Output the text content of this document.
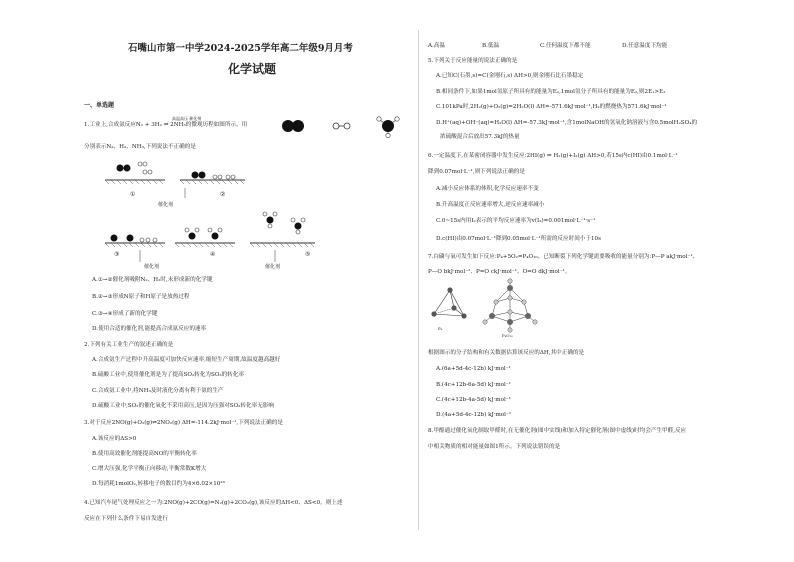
石嘴山市第一中学2024-2025学年高二年级9月月考
化学试题
一、单选题
1.工业上,合成氨反应N₂ + 3H₂ ⇌ 2NH₃的微观历程如图所示。用
高温高压 催化剂
分别表示N₂、H₂、NH₃,下列说法不正确的是
①	②
催化剂
③	④	⑤
催化剂	催化剂
A.①→②催化剂吸附N₂、H₂时,未形成新的化学键
B.②→③形成N原子和H原子是放热过程
C.③→④形成了新的化学键
D.使用合适的催化剂,能提高合成氨反应的速率
2.下列有关工业生产的叙述正确的是
A.合成氨生产过程中升高温度可加快反应速率,缩短生产周期,故温度越高越好
B.硫酸工业中,使用催化剂是为了提高SO₂转化为SO₃的转化率
C.合成氨工业中,将NH₃及时液化分离有利于氨的生产
D.硫酸工业中,SO₂的催化氧化不采用高压,是因为压强对SO₂转化率无影响
3.对于反应2NO(g)+O₂(g)⇌2NO₂(g) ΔH=-114.2kJ·mol⁻¹,下列说法正确的是
A.该反应的ΔS>0
B.使用高效催化剂能提高NO的平衡转化率
C.增大压强,化学平衡正向移动,平衡常数K增大
D.每消耗1molO₂,转移电子的数目约为4×6.02×10²³
4.已知汽车尾气处理反应之一为:2NO(g)+2CO(g)=N₂(g)+2CO₂(g),该反应的ΔH<0、ΔS<0。则上述
反应在下列什么条件下易自发进行
A.高温	B.低温	C.任何温度下都不能	D.任意温度下均能
5.下列关于反应能量的说法正确的是
A.已知C(石墨,s)=C(金刚石,s) ΔH>0,则金刚石比石墨稳定
B.相同条件下,如果1mol氢原子所具有的能量为E₁,1mol氢分子所具有的能量为E₂,则2E₁>E₂
C.101kPa时,2H₂(g)+O₂(g)=2H₂O(l) ΔH=-571.6kJ·mol⁻¹,H₂的燃烧热为571.6kJ·mol⁻¹
D.H⁺(aq)+OH⁻(aq)=H₂O(l) ΔH=-57.3kJ·mol⁻¹,含1molNaOH的氢氧化钠溶液与含0.5molH₂SO₄的
浓硫酸混合后放出57.3kJ的热量
6.一定温度下,在某密闭容器中发生反应:2HI(g) ⇌ H₂(g)+I₂(g) ΔH>0,若15s内c(HI)由0.1mol·L⁻¹
降到0.07mol·L⁻¹,则下列说法正确的是
A.减小反应体系的体积,化学反应速率不变
B.升高温度正反应速率增大,逆反应速率减小
C.0~15s内用I₂表示的平均反应速率为v(I₂)=0.001mol·L⁻¹·s⁻¹
D.c(HI)由0.07mol·L⁻¹降到0.05mol·L⁻¹所需的反应时间小于10s
7.白磷与氧可发生如下反应:P₄+5O₂=P₄O₁₀。已知断裂下列化学键需要吸收的能量分别为:P—P akJ·mol⁻¹、
P—O bkJ·mol⁻¹、P=O ckJ·mol⁻¹、O=O dkJ·mol⁻¹。
P₄
P₄O₁₀
根据图示的分子结构和有关数据估算该反应的ΔH,其中正确的是
A.(6a+5d-4c-12b) kJ·mol⁻¹
B.(4c+12b-6a-5d) kJ·mol⁻¹
C.(4c+12b-4a-5d) kJ·mol⁻¹
D.(4a+5d-4c-12b) kJ·mol⁻¹
8.甲醇通过催化氧化制取甲醛时,在无催化剂(图中实线)和加入特定催化剂(图中虚线)时均会产生甲醛,反应
中相关物质的相对能量如图1所示。下列说法错误的是
